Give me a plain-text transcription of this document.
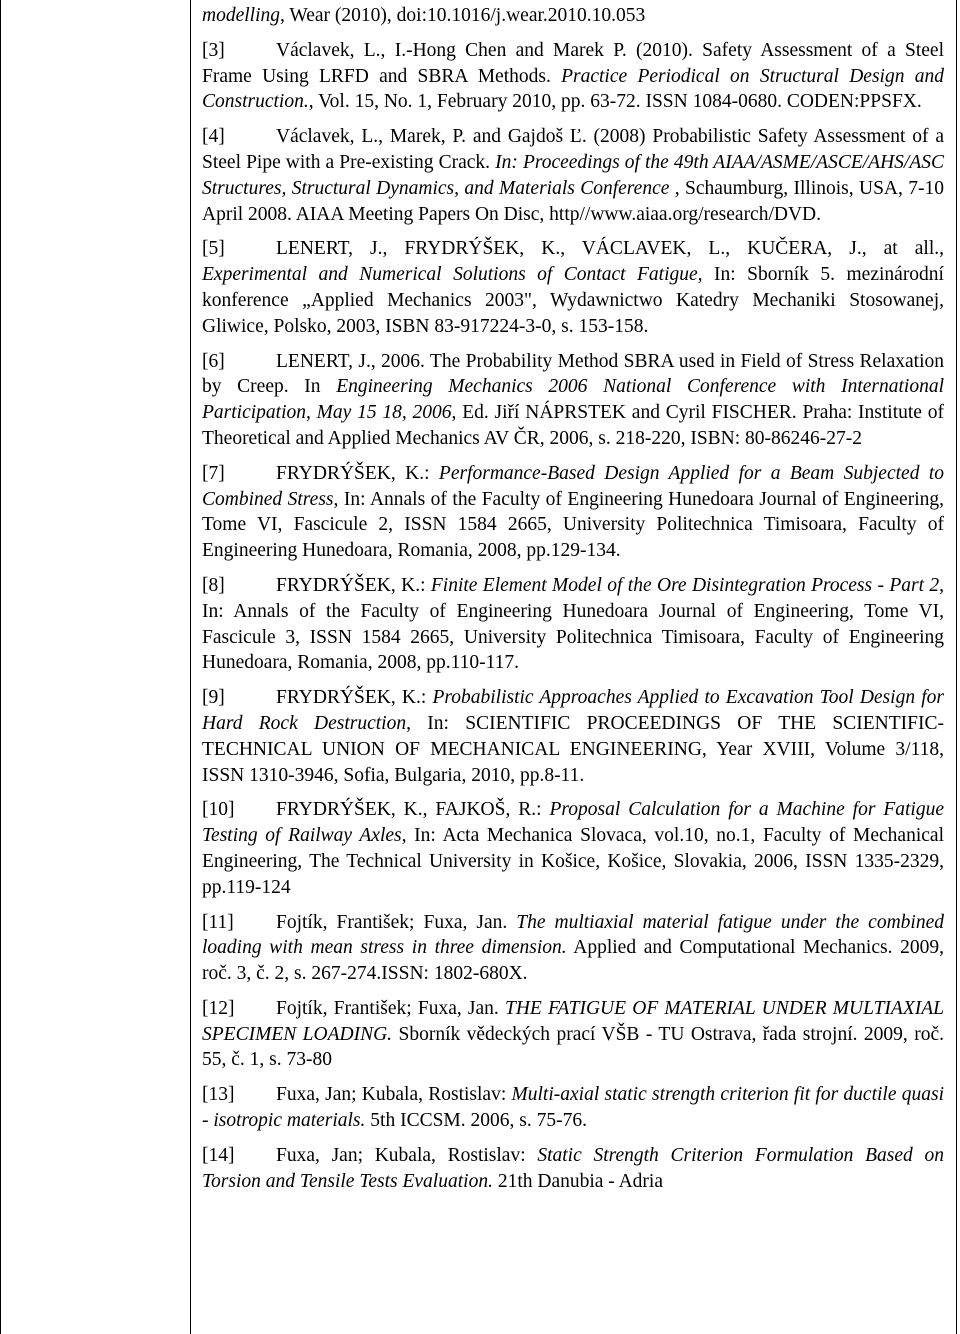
modelling, Wear (2010), doi:10.1016/j.wear.2010.10.053

[3]	Václavek, L., I.-Hong Chen and Marek P. (2010). Safety Assessment of a Steel Frame Using LRFD and SBRA Methods. Practice Periodical on Structural Design and Construction., Vol. 15, No. 1, February 2010, pp. 63-72. ISSN 1084-0680. CODEN:PPSFX.

[4]	Václavek, L., Marek, P. and Gajdoš Ľ. (2008) Probabilistic Safety Assessment of a Steel Pipe with a Pre-existing Crack. In: Proceedings of the 49th AIAA/ASME/ASCE/AHS/ASC Structures, Structural Dynamics, and Materials Conference , Schaumburg, Illinois, USA, 7-10 April 2008. AIAA Meeting Papers On Disc, http//www.aiaa.org/research/DVD.

[5]	LENERT, J., FRYDRÝŠEK, K., VÁCLAVEK, L., KUČERA, J., at all., Experimental and Numerical Solutions of Contact Fatigue, In: Sborník 5. mezinárodní konference „Applied Mechanics 2003", Wydawnictwo Katedry Mechaniki Stosowanej, Gliwice, Polsko, 2003, ISBN 83-917224-3-0, s. 153-158.

[6]	LENERT, J., 2006. The Probability Method SBRA used in Field of Stress Relaxation by Creep. In Engineering Mechanics 2006 National Conference with International Participation, May 15 18, 2006, Ed. Jiří NÁPRSTEK and Cyril FISCHER. Praha: Institute of Theoretical and Applied Mechanics AV ČR, 2006, s. 218-220, ISBN: 80-86246-27-2

[7]	FRYDRÝŠEK, K.: Performance-Based Design Applied for a Beam Subjected to Combined Stress, In: Annals of the Faculty of Engineering Hunedoara Journal of Engineering, Tome VI, Fascicule 2, ISSN 1584 2665, University Politechnica Timisoara, Faculty of Engineering Hunedoara, Romania, 2008, pp.129-134.

[8]	FRYDRÝŠEK, K.: Finite Element Model of the Ore Disintegration Process - Part 2, In: Annals of the Faculty of Engineering Hunedoara Journal of Engineering, Tome VI, Fascicule 3, ISSN 1584 2665, University Politechnica Timisoara, Faculty of Engineering Hunedoara, Romania, 2008, pp.110-117.

[9]	FRYDRÝŠEK, K.: Probabilistic Approaches Applied to Excavation Tool Design for Hard Rock Destruction, In: SCIENTIFIC PROCEEDINGS OF THE SCIENTIFIC-TECHNICAL UNION OF MECHANICAL ENGINEERING, Year XVIII, Volume 3/118, ISSN 1310-3946, Sofia, Bulgaria, 2010, pp.8-11.

[10] FRYDRÝŠEK, K., FAJKOŠ, R.: Proposal Calculation for a Machine for Fatigue Testing of Railway Axles, In: Acta Mechanica Slovaca, vol.10, no.1, Faculty of Mechanical Engineering, The Technical University in Košice, Košice, Slovakia, 2006, ISSN 1335-2329, pp.119-124

[11] Fojtík, František; Fuxa, Jan. The multiaxial material fatigue under the combined loading with mean stress in three dimension. Applied and Computational Mechanics. 2009, roč. 3, č. 2, s. 267-274.ISSN: 1802-680X.

[12] Fojtík, František; Fuxa, Jan. THE FATIGUE OF MATERIAL UNDER MULTIAXIAL SPECIMEN LOADING. Sborník vědeckých prací VŠB - TU Ostrava, řada strojní. 2009, roč. 55, č. 1, s. 73-80

[13] Fuxa, Jan; Kubala, Rostislav: Multi-axial static strength criterion fit for ductile quasi - isotropic materials. 5th ICCSM. 2006, s. 75-76.

[14] Fuxa, Jan; Kubala, Rostislav: Static Strength Criterion Formulation Based on Torsion and Tensile Tests Evaluation. 21th Danubia - Adria
